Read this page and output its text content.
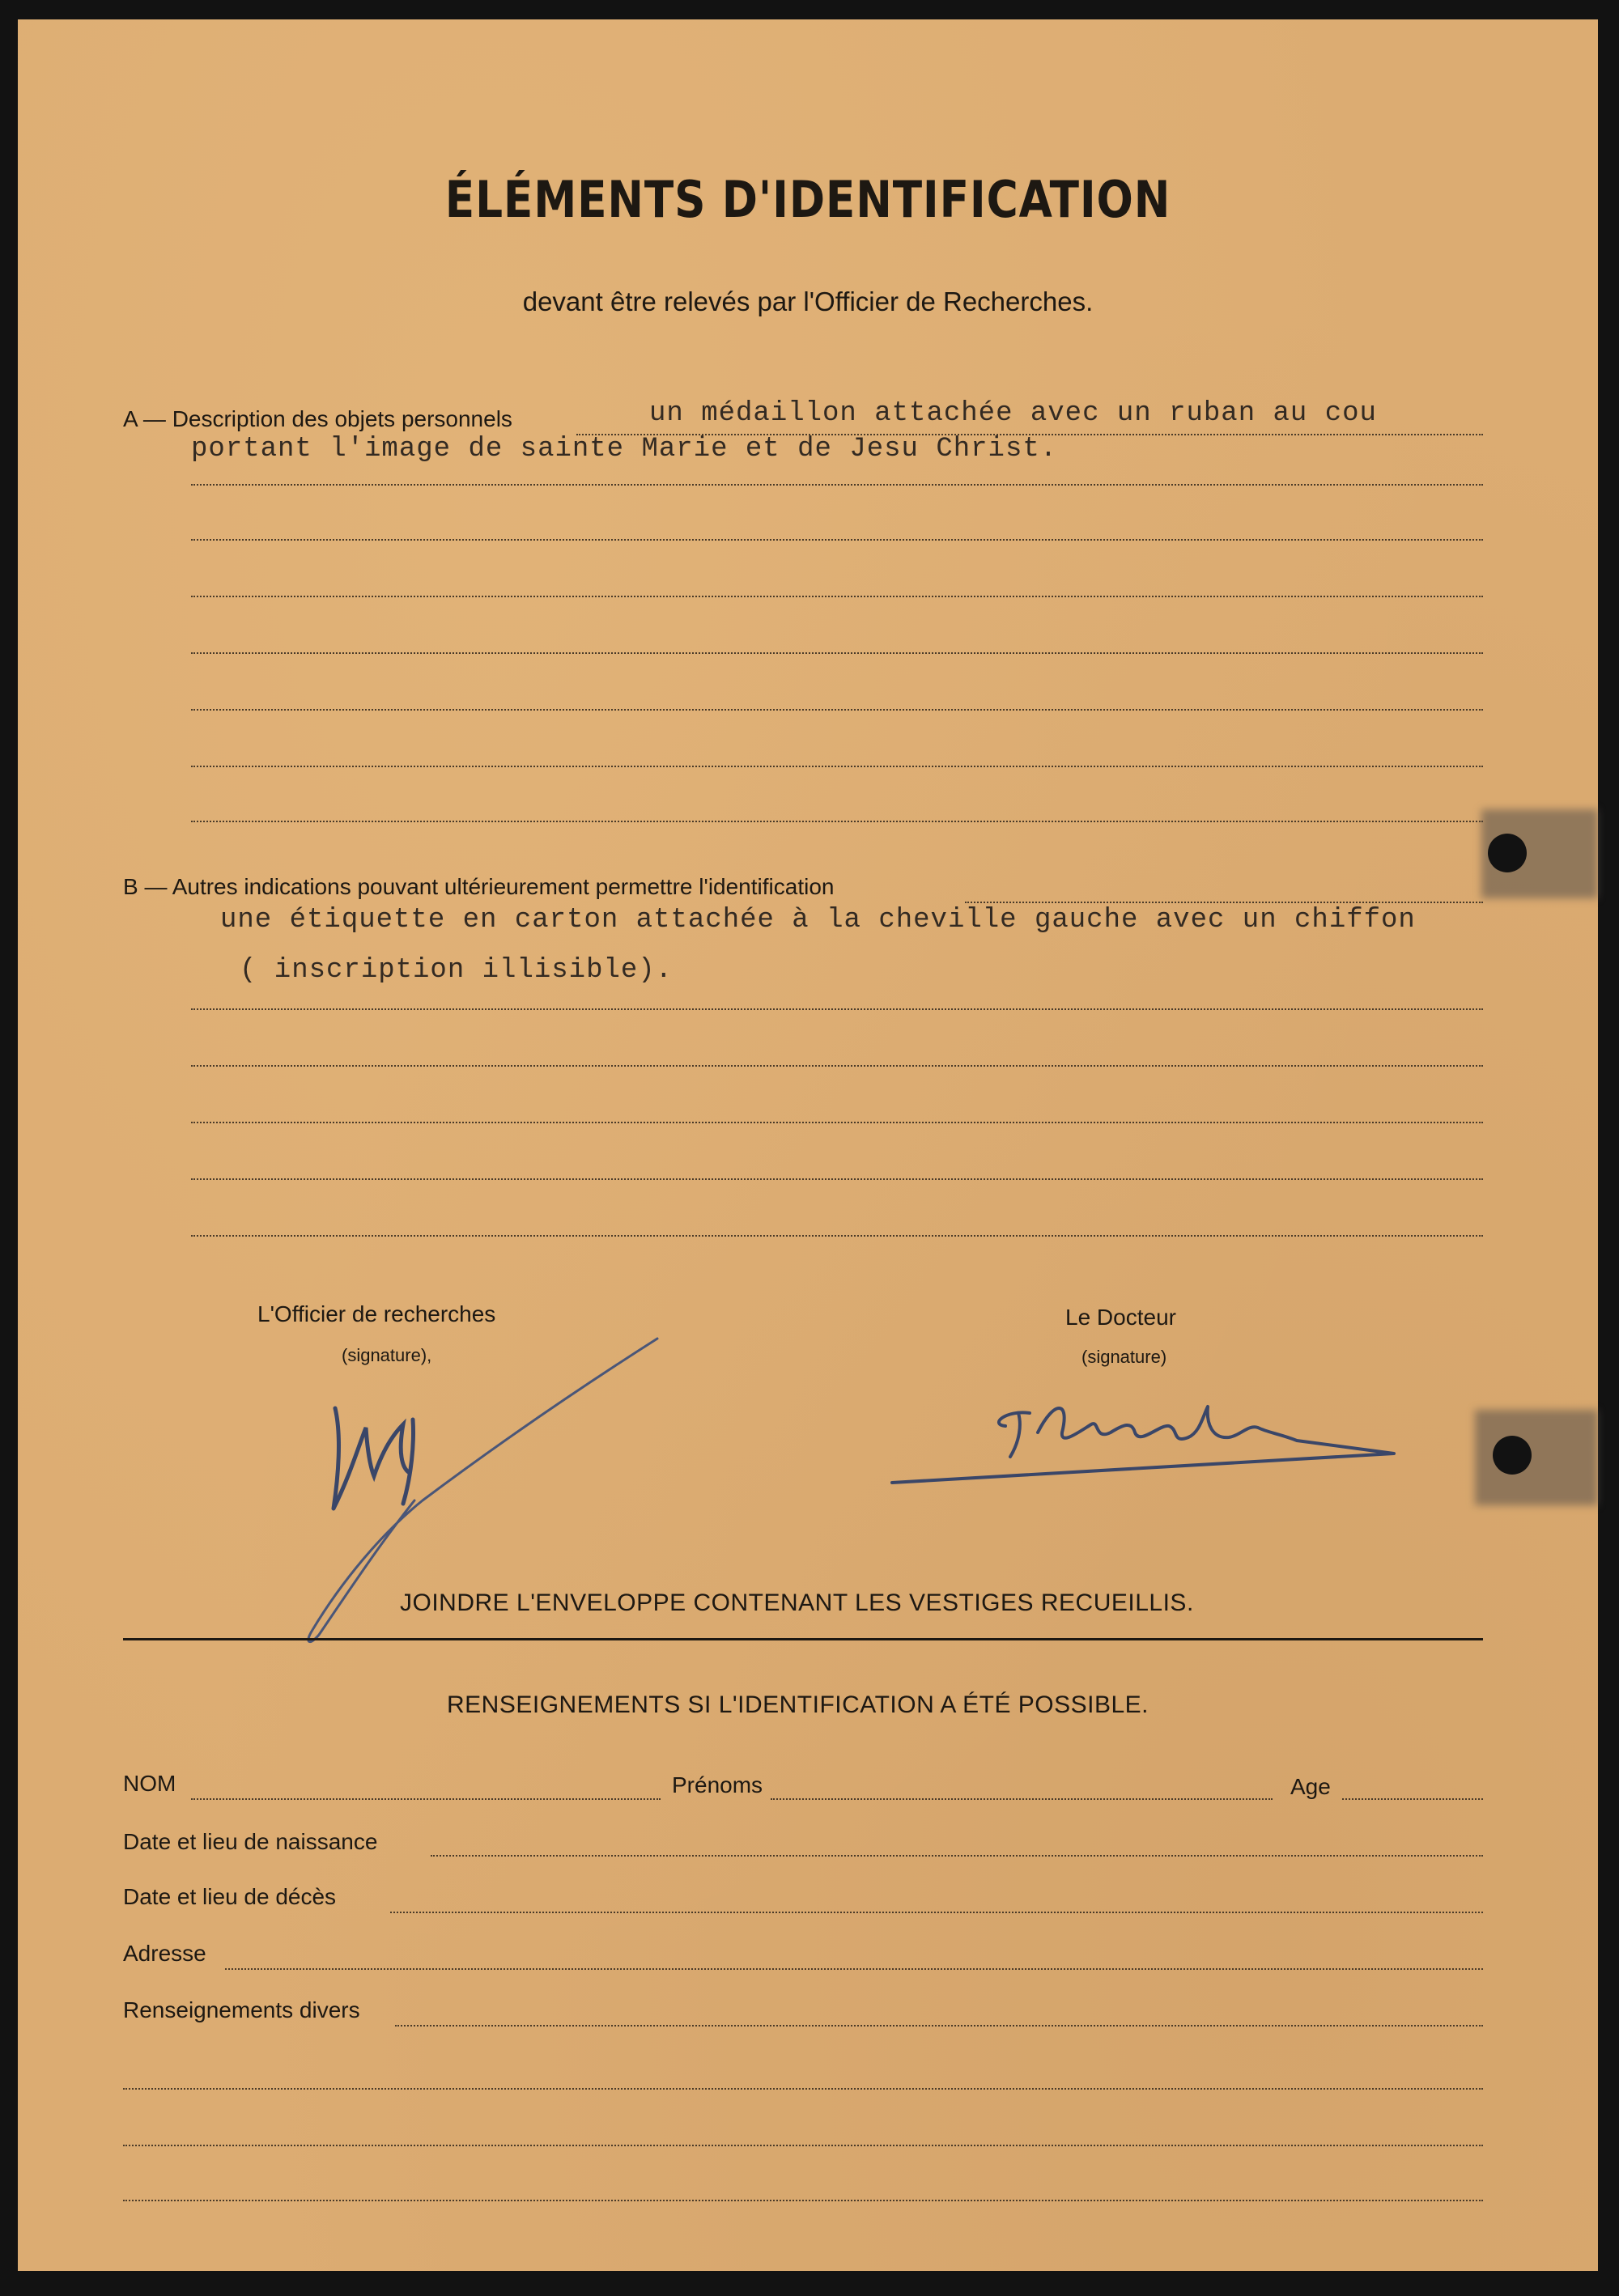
ÉLÉMENTS D'IDENTIFICATION
devant être relevés par l'Officier de Recherches.
A — Description des objets personnels	un médaillon attachée avec un ruban au cou
portant l'image de sainte Marie et de Jesu Christ.
B — Autres indications pouvant ultérieurement permettre l'identification
une étiquette en carton attachée à la cheville gauche avec un chiffon
( inscription illisible).
L'Officier de recherches
(signature),
Le Docteur
(signature)
JOINDRE L'ENVELOPPE CONTENANT LES VESTIGES RECUEILLIS.
RENSEIGNEMENTS SI L'IDENTIFICATION A ÉTÉ POSSIBLE.
NOM	Prénoms	Age
Date et lieu de naissance
Date et lieu de décès
Adresse
Renseignements divers
